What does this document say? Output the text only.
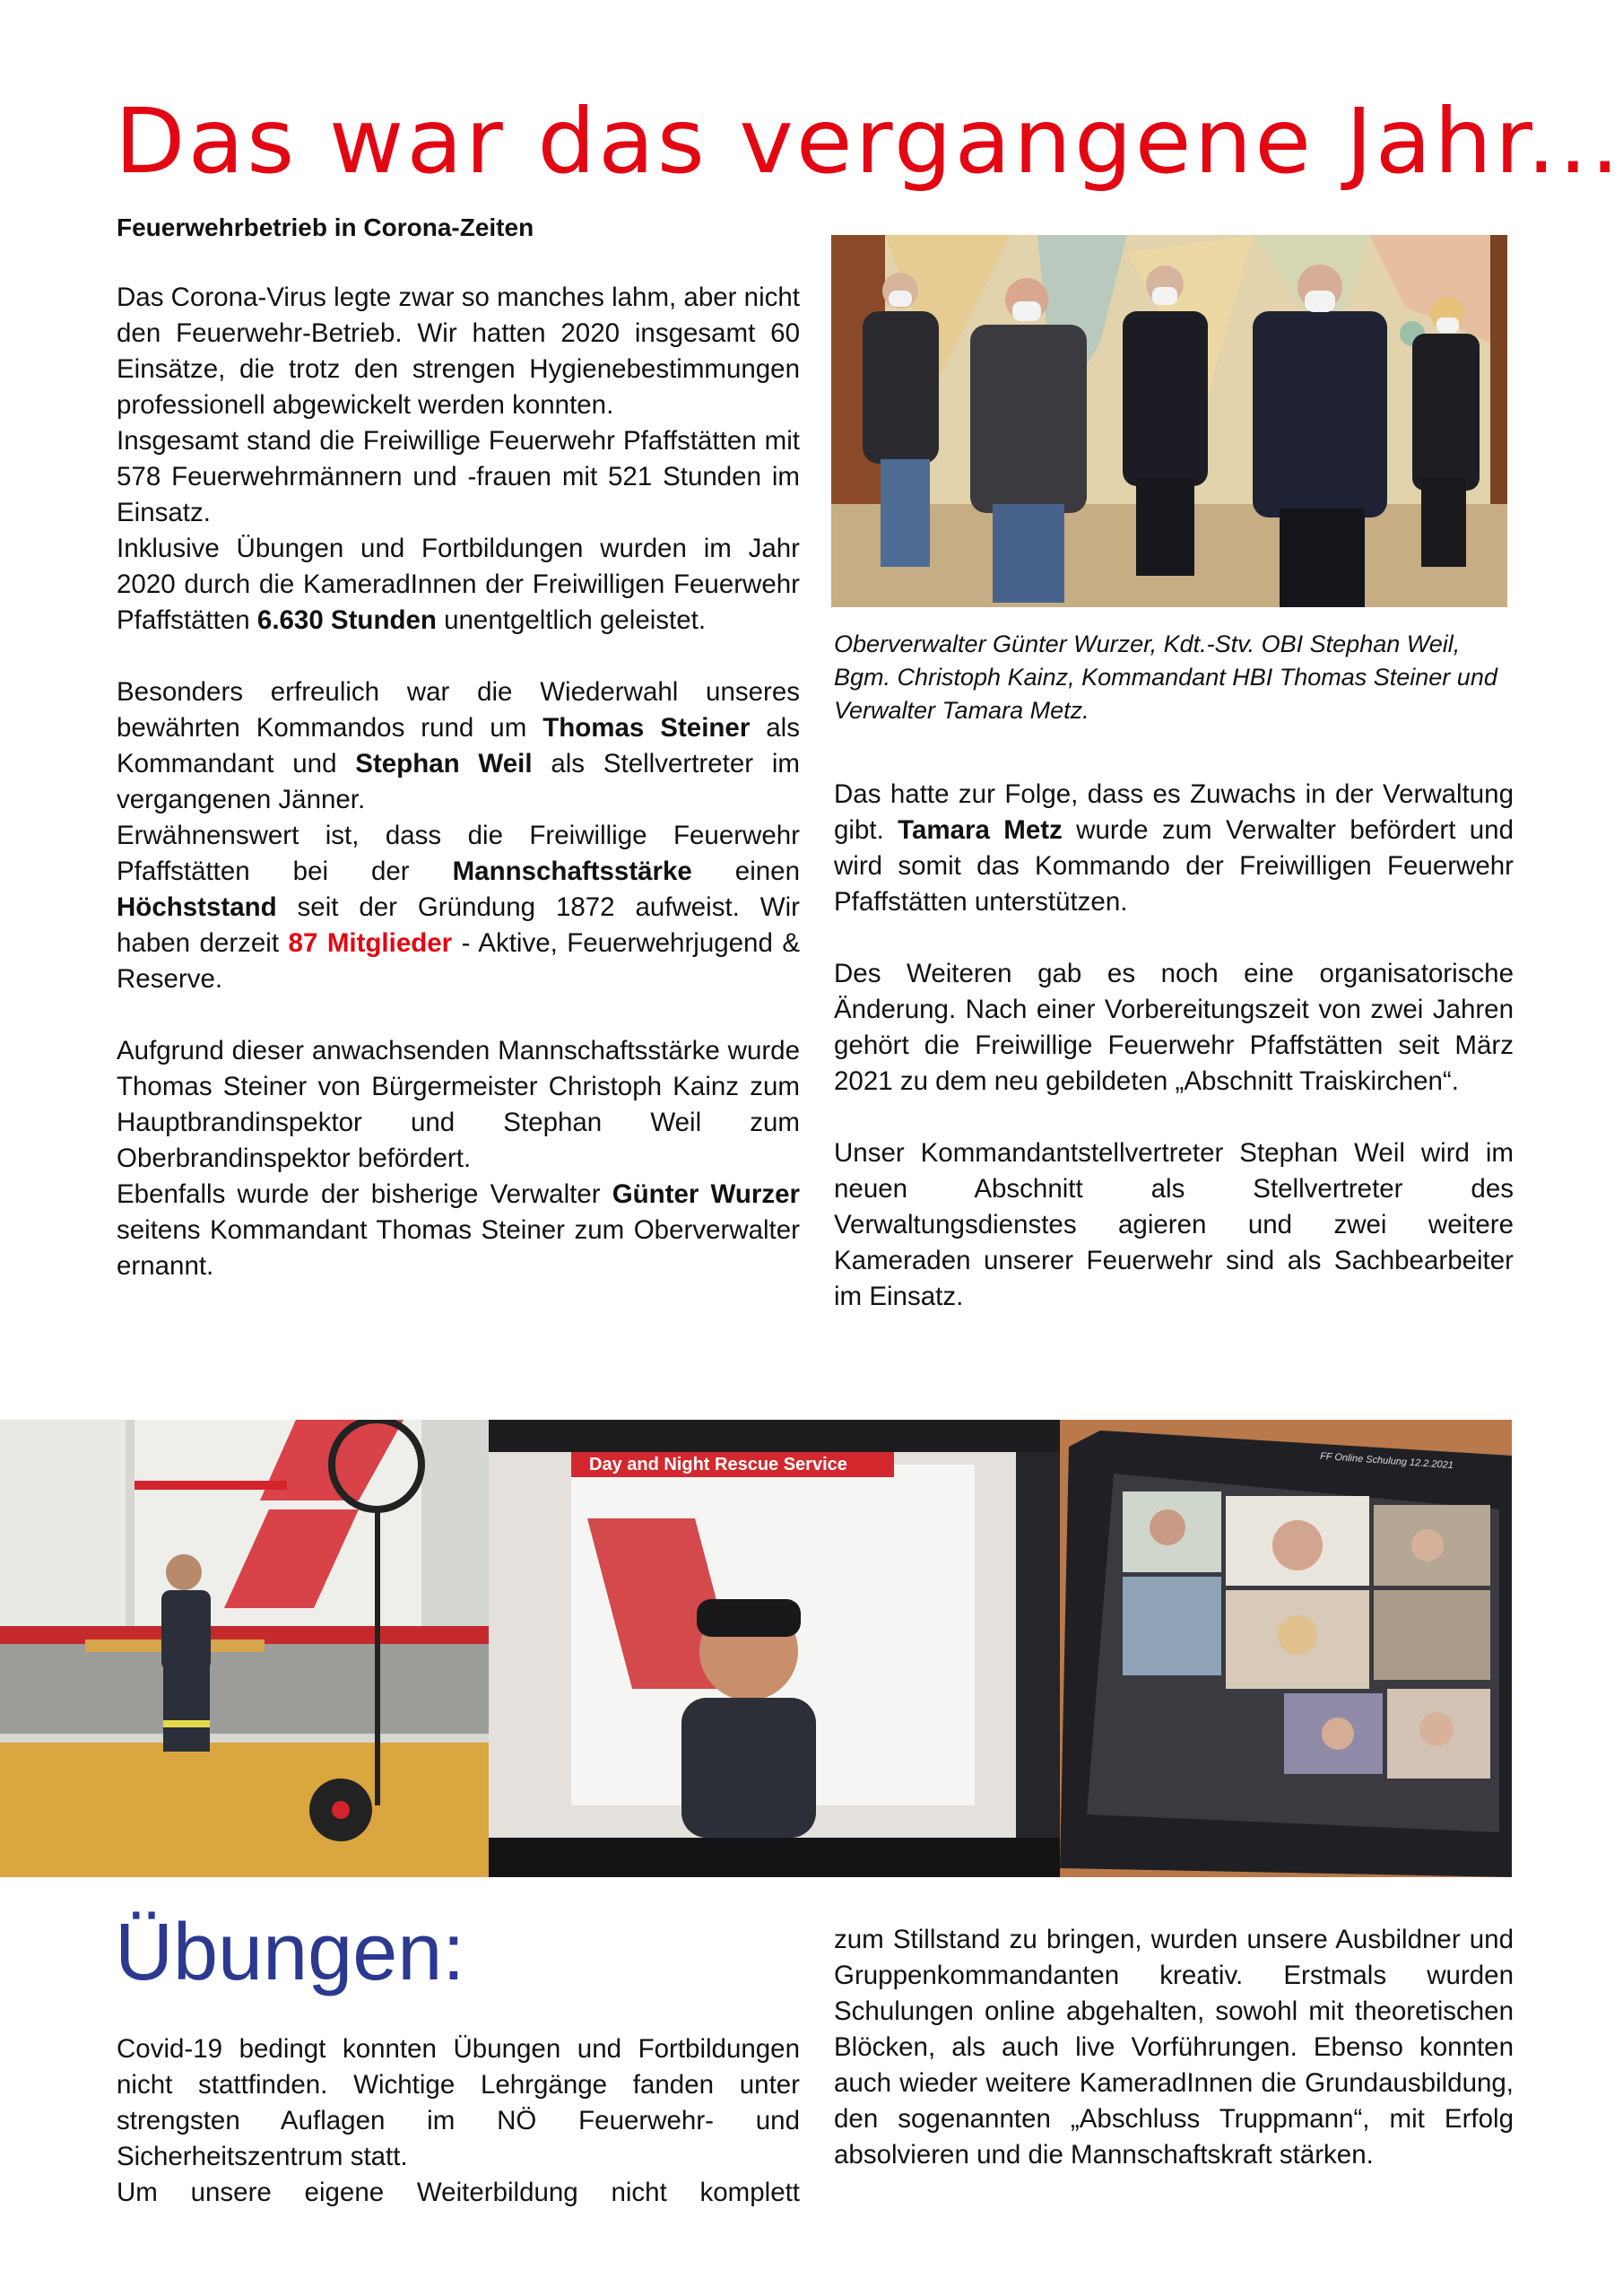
Das war das vergangene Jahr...
Feuerwehrbetrieb in Corona-Zeiten

Das Corona-Virus legte zwar so manches lahm, aber nicht den Feuerwehr-Betrieb. Wir hatten 2020 insgesamt 60 Einsätze, die trotz den strengen Hygienebestimmungen professionell abgewickelt werden konnten.

Insgesamt stand die Freiwillige Feuerwehr Pfaffstätten mit 578 Feuerwehrmännern und -frauen mit 521 Stunden im Einsatz.

Inklusive Übungen und Fortbildungen wurden im Jahr 2020 durch die KameradInnen der Freiwilligen Feuerwehr Pfaffstätten 6.630 Stunden unentgeltlich geleistet.

Besonders erfreulich war die Wiederwahl unseres bewährten Kommandos rund um Thomas Steiner als Kommandant und Stephan Weil als Stellvertreter im vergangenen Jänner.

Erwähnenswert ist, dass die Freiwillige Feuerwehr Pfaffstätten bei der Mannschaftsstärke einen Höchststand seit der Gründung 1872 aufweist. Wir haben derzeit 87 Mitglieder - Aktive, Feuerwehrjugend & Reserve.

Aufgrund dieser anwachsenden Mannschaftsstärke wurde Thomas Steiner von Bürgermeister Christoph Kainz zum Hauptbrandinspektor und Stephan Weil zum Oberbrandinspektor befördert.

Ebenfalls wurde der bisherige Verwalter Günter Wurzer seitens Kommandant Thomas Steiner zum Oberverwalter ernannt.

Oberverwalter Günter Wurzer, Kdt.-Stv. OBI Stephan Weil, Bgm. Christoph Kainz, Kommandant HBI Thomas Steiner und Verwalter Tamara Metz.

Das hatte zur Folge, dass es Zuwachs in der Verwaltung gibt. Tamara Metz wurde zum Verwalter befördert und wird somit das Kommando der Freiwilligen Feuerwehr Pfaffstätten unterstützen.

Des Weiteren gab es noch eine organisatorische Änderung. Nach einer Vorbereitungszeit von zwei Jahren gehört die Freiwillige Feuerwehr Pfaffstätten seit März 2021 zu dem neu gebildeten „Abschnitt Traiskirchen“.

Unser Kommandantstellvertreter Stephan Weil wird im neuen Abschnitt als Stellvertreter des Verwaltungsdienstes agieren und zwei weitere Kameraden unserer Feuerwehr sind als Sachbearbeiter im Einsatz.

Day and Night Rescue Service	FF Online Schulung 12.2.2021
Übungen:

Covid-19 bedingt konnten Übungen und Fortbildungen nicht stattfinden. Wichtige Lehrgänge fanden unter strengsten Auflagen im NÖ Feuerwehr- und Sicherheitszentrum statt.

Um unsere eigene Weiterbildung nicht komplett

zum Stillstand zu bringen, wurden unsere Ausbildner und Gruppenkommandanten kreativ. Erstmals wurden Schulungen online abgehalten, sowohl mit theoretischen Blöcken, als auch live Vorführungen. Ebenso konnten auch wieder weitere KameradInnen die Grundausbildung, den sogenannten „Abschluss Truppmann“, mit Erfolg absolvieren und die Mannschaftskraft stärken.
